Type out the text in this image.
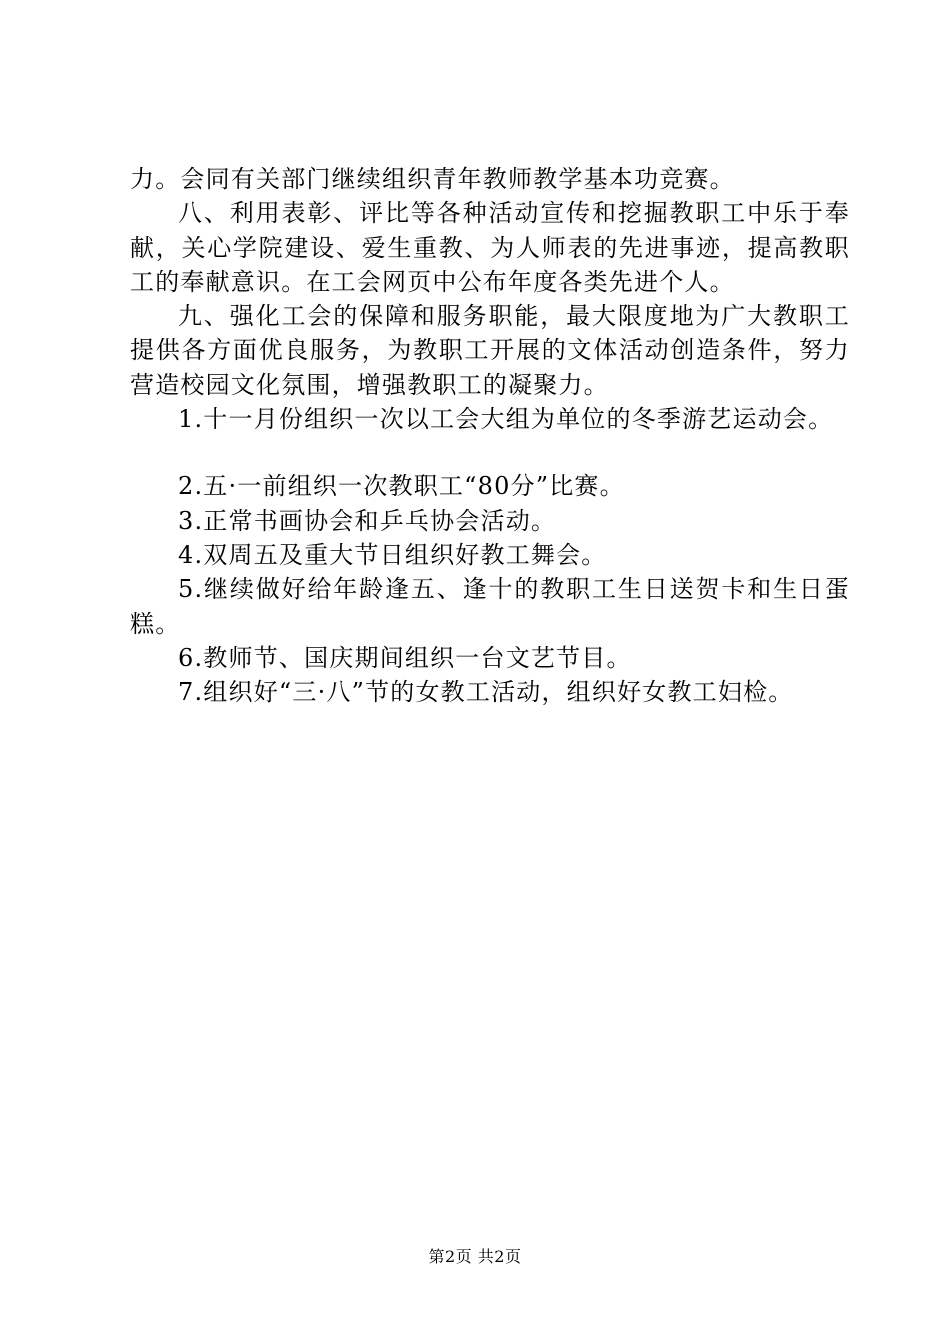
力。会同有关部门继续组织青年教师教学基本功竞赛。

八、利用表彰、评比等各种活动宣传和挖掘教职工中乐于奉献，关心学院建设、爱生重教、为人师表的先进事迹，提高教职工的奉献意识。在工会网页中公布年度各类先进个人。

九、强化工会的保障和服务职能，最大限度地为广大教职工提供各方面优良服务，为教职工开展的文体活动创造条件，努力营造校园文化氛围，增强教职工的凝聚力。

1.十一月份组织一次以工会大组为单位的冬季游艺运动会。

2.五·一前组织一次教职工“80分”比赛。

3.正常书画协会和乒乓协会活动。

4.双周五及重大节日组织好教工舞会。

5.继续做好给年龄逢五、逢十的教职工生日送贺卡和生日蛋糕。

6.教师节、国庆期间组织一台文艺节目。

7.组织好“三·八”节的女教工活动，组织好女教工妇检。

第2页 共2页
